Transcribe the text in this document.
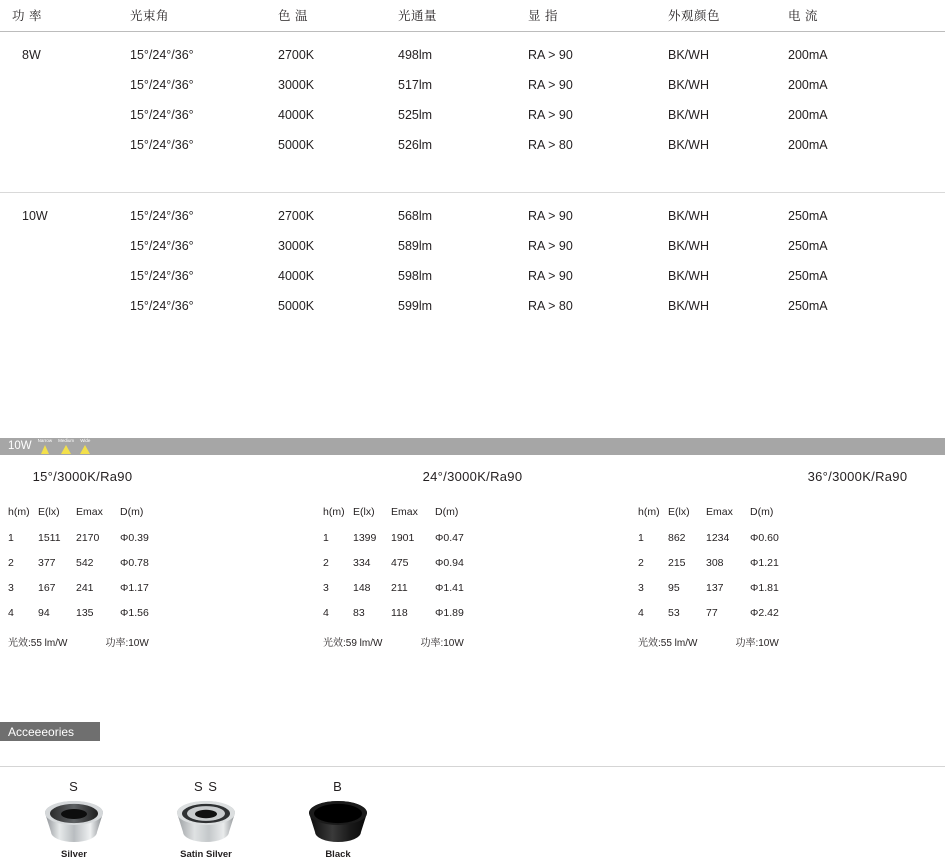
功 率	光束角	色 温	光通量	显 指	外观颜色	电 流
8W	15°/24°/36°	2700K	498lm	RA > 90	BK/WH	200mA
	15°/24°/36°	3000K	517lm	RA > 90	BK/WH	200mA
	15°/24°/36°	4000K	525lm	RA > 90	BK/WH	200mA
	15°/24°/36°	5000K	526lm	RA > 80	BK/WH	200mA
10W	15°/24°/36°	2700K	568lm	RA > 90	BK/WH	250mA
	15°/24°/36°	3000K	589lm	RA > 90	BK/WH	250mA
	15°/24°/36°	4000K	598lm	RA > 90	BK/WH	250mA
	15°/24°/36°	5000K	599lm	RA > 80	BK/WH	250mA
10W Narrow Medium Wide
15°/3000K/Ra90
h(m)	E(lx)	Emax	D(m)
1	1511	2170	Φ0.39
2	377	542	Φ0.78
3	167	241	Φ1.17
4	94	135	Φ1.56
光效:55 lm/W	功率:10W
24°/3000K/Ra90
h(m)	E(lx)	Emax	D(m)
1	1399	1901	Φ0.47
2	334	475	Φ0.94
3	148	211	Φ1.41
4	83	118	Φ1.89
光效:59 lm/W	功率:10W
36°/3000K/Ra90
h(m)	E(lx)	Emax	D(m)
1	862	1234	Φ0.60
2	215	308	Φ1.21
3	95	137	Φ1.81
4	53	77	Φ2.42
光效:55 lm/W	功率:10W
Acceeeories
S
Silver
S S
Satin Silver
B
Black
